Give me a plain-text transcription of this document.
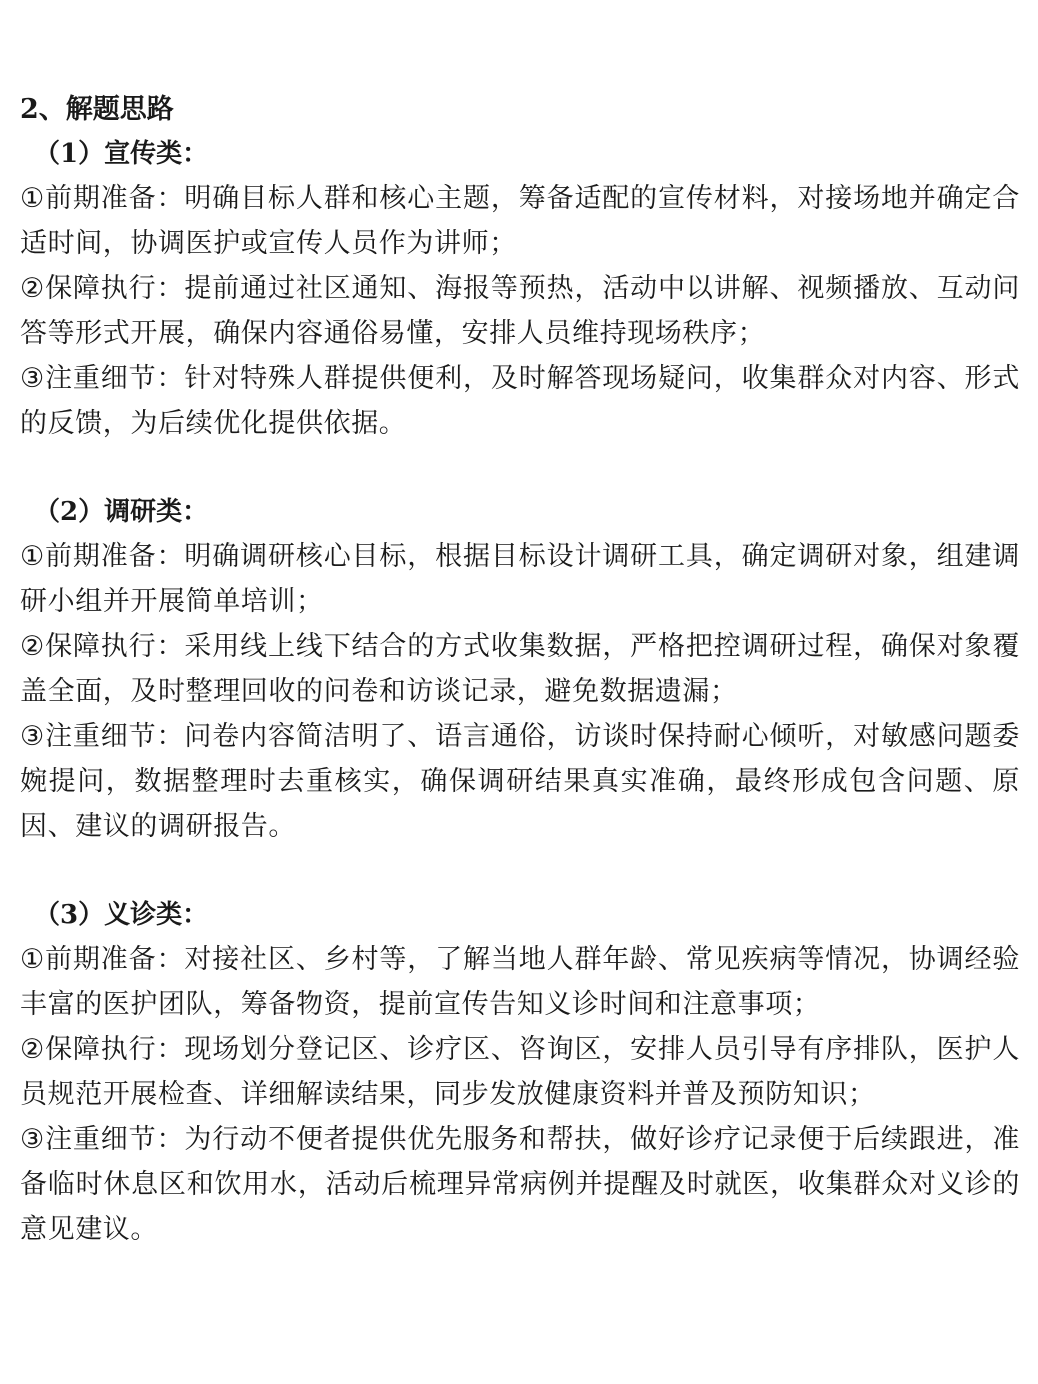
2、解题思路
（1）宣传类：

①前期准备：明确目标人群和核心主题，筹备适配的宣传材料，对接场地并确定合适时间，协调医护或宣传人员作为讲师；

②保障执行：提前通过社区通知、海报等预热，活动中以讲解、视频播放、互动问答等形式开展，确保内容通俗易懂，安排人员维持现场秩序；

③注重细节：针对特殊人群提供便利，及时解答现场疑问，收集群众对内容、形式的反馈，为后续优化提供依据。

（2）调研类：

①前期准备：明确调研核心目标，根据目标设计调研工具，确定调研对象，组建调研小组并开展简单培训；

②保障执行：采用线上线下结合的方式收集数据，严格把控调研过程，确保对象覆盖全面，及时整理回收的问卷和访谈记录，避免数据遗漏；

③注重细节：问卷内容简洁明了、语言通俗，访谈时保持耐心倾听，对敏感问题委婉提问，数据整理时去重核实，确保调研结果真实准确，最终形成包含问题、原因、建议的调研报告。

（3）义诊类：

①前期准备：对接社区、乡村等，了解当地人群年龄、常见疾病等情况，协调经验丰富的医护团队，筹备物资，提前宣传告知义诊时间和注意事项；

②保障执行：现场划分登记区、诊疗区、咨询区，安排人员引导有序排队，医护人员规范开展检查、详细解读结果，同步发放健康资料并普及预防知识；

③注重细节：为行动不便者提供优先服务和帮扶，做好诊疗记录便于后续跟进，准备临时休息区和饮用水，活动后梳理异常病例并提醒及时就医，收集群众对义诊的意见建议。
